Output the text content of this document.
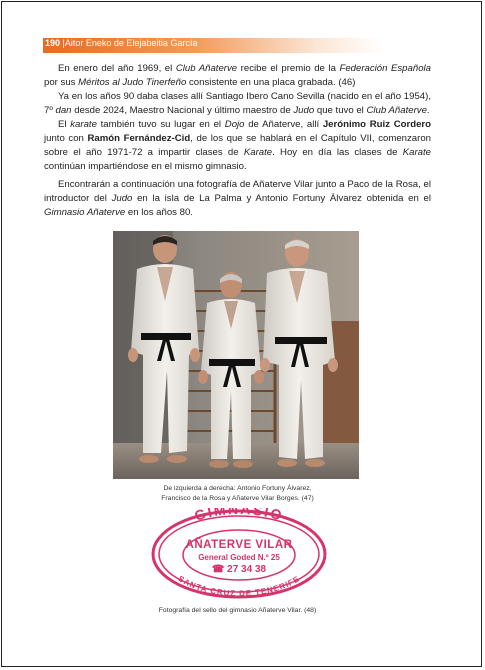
190 |Aitor Eneko de Elejabeitia García

En enero del año 1969, el Club Añaterve recibe el premio de la Federación Española por sus Méritos al Judo Tinerfeño consistente en una placa grabada. (46)

Ya en los años 90 daba clases allí Santiago Ibero Cano Sevilla (nacido en el año 1954), 7º dan desde 2024, Maestro Nacional y último maestro de Judo que tuvo el Club Añaterve.

El karate también tuvo su lugar en el Dojo de Añaterve, allí Jerónimo Ruiz Cordero junto con Ramón Fernández-Cid, de los que se hablará en el Capítulo VII, comenzaron sobre el año 1971-72 a impartir clases de Karate. Hoy en día las clases de Karate continúan impartiéndose en el mismo gimnasio.

Encontrarán a continuación una fotografía de Añaterve Vilar junto a Paco de la Rosa, el introductor del Judo en la isla de La Palma y Antonio Fortuny Álvarez obtenida en el Gimnasio Añaterve en los años 80.

De izquierda a derecha: Antonio Fortuny Álvarez,
Francisco de la Rosa y Añaterve Vilar Borges. (47)
GIMNASIO
SANTA CRUZ DE TENERIFE
AÑATERVE VILAR
General Goded N.º 25
☎ 27 34 38
Fotografía del sello del gimnasio Añaterve Vilar. (48)
